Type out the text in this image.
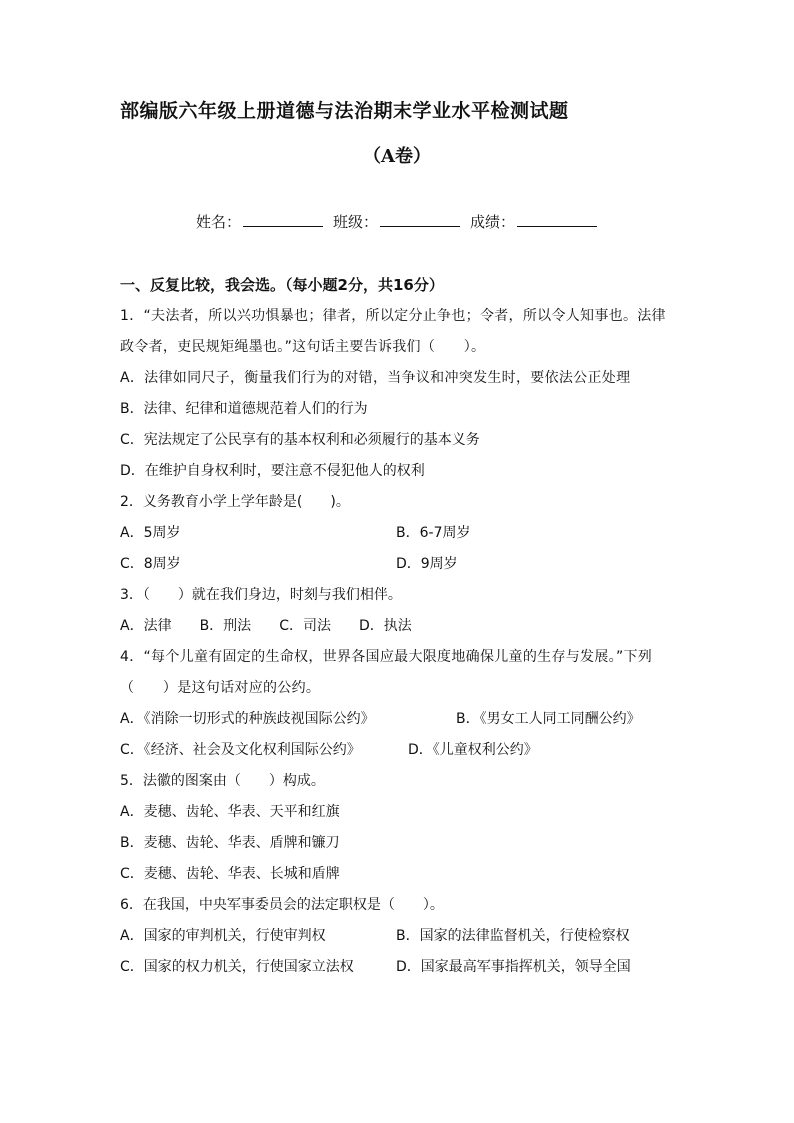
部编版六年级上册道德与法治期末学业水平检测试题
（A卷）
姓名：	班级：	成绩：
一、反复比较，我会选。（每小题2分，共16分）
1．“夫法者，所以兴功惧暴也；律者，所以定分止争也；令者，所以令人知事也。法律政令者，吏民规矩绳墨也。”这句话主要告诉我们（　　）。
A．法律如同尺子，衡量我们行为的对错，当争议和冲突发生时，要依法公正处理
B．法律、纪律和道德规范着人们的行为
C．宪法规定了公民享有的基本权利和必须履行的基本义务
D．在维护自身权利时，要注意不侵犯他人的权利
2．义务教育小学上学年龄是(　　)。
A．5周岁	B．6-7周岁
C．8周岁	D．9周岁
3．（　　）就在我们身边，时刻与我们相伴。
A．法律 B．刑法 C．司法 D．执法
4．“每个儿童有固定的生命权，世界各国应最大限度地确保儿童的生存与发展。”下列（　　）是这句话对应的公约。
A．《消除一切形式的种族歧视国际公约》	B．《男女工人同工同酬公约》
C．《经济、社会及文化权利国际公约》	D．《儿童权利公约》
5．法徽的图案由（　　）构成。
A．麦穗、齿轮、华表、天平和红旗
B．麦穗、齿轮、华表、盾牌和镰刀
C．麦穗、齿轮、华表、长城和盾牌
6．在我国，中央军事委员会的法定职权是（　　）。
A．国家的审判机关，行使审判权	B．国家的法律监督机关，行使检察权
C．国家的权力机关，行使国家立法权	D．国家最高军事指挥机关，领导全国
